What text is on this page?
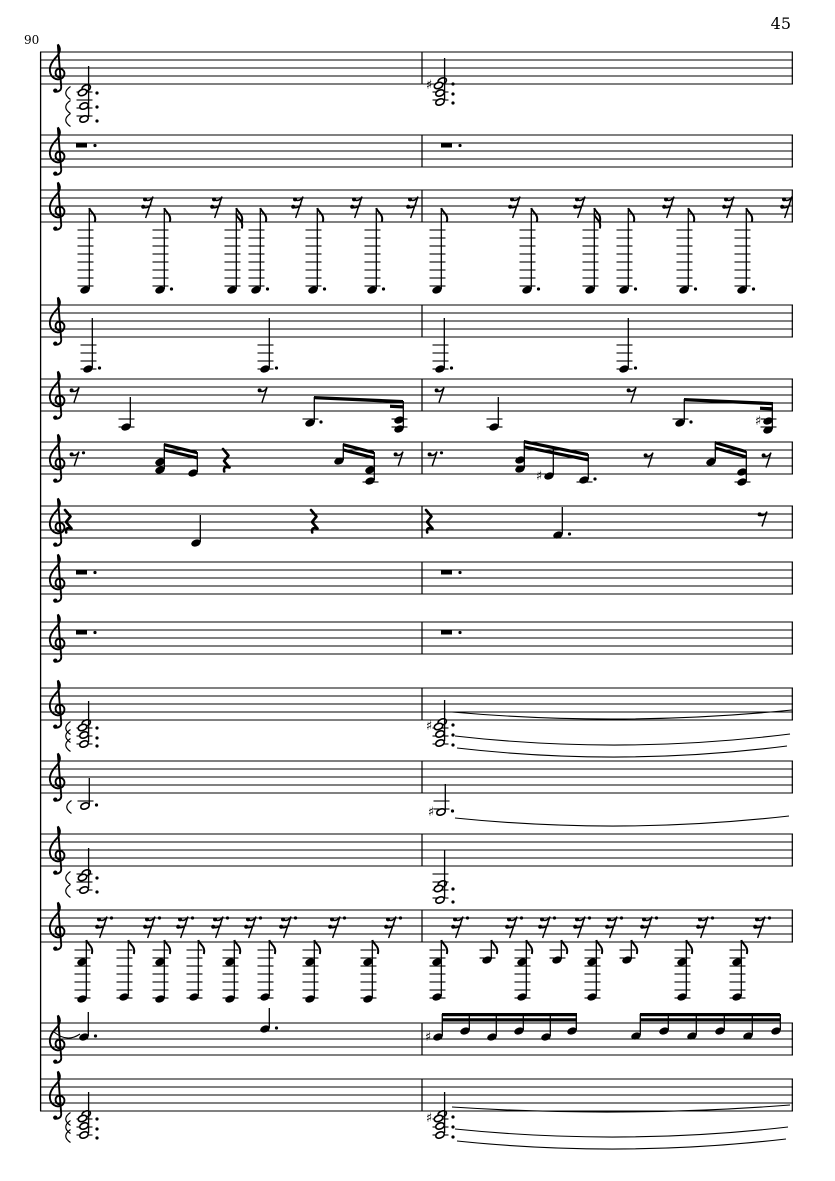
45
90
♯
♯
♯
♯
♯
♯
♯
